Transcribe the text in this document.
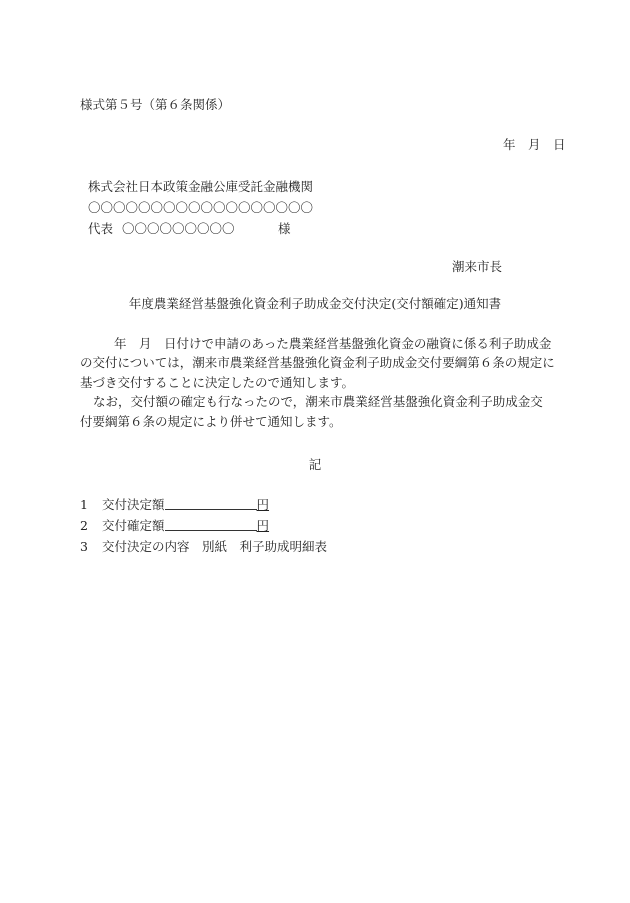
様式第５号（第６条関係）
年　月　日
株式会社日本政策金融公庫受託金融機関
〇〇〇〇〇〇〇〇〇〇〇〇〇〇〇〇〇〇
代表 〇〇〇〇〇〇〇〇〇	様
潮来市長
年度農業経営基盤強化資金利子助成金交付決定(交付額確定)通知書

年　月　日付けで申請のあった農業経営基盤強化資金の融資に係る利子助成金の交付については，潮来市農業経営基盤強化資金利子助成金交付要綱第６条の規定に基づき交付することに決定したので通知します。

なお，交付額の確定も行なったので，潮来市農業経営基盤強化資金利子助成金交付要綱第６条の規定により併せて通知します。

記
1 交付決定額	円
2 交付確定額	円
3 交付決定の内容　別紙　利子助成明細表
